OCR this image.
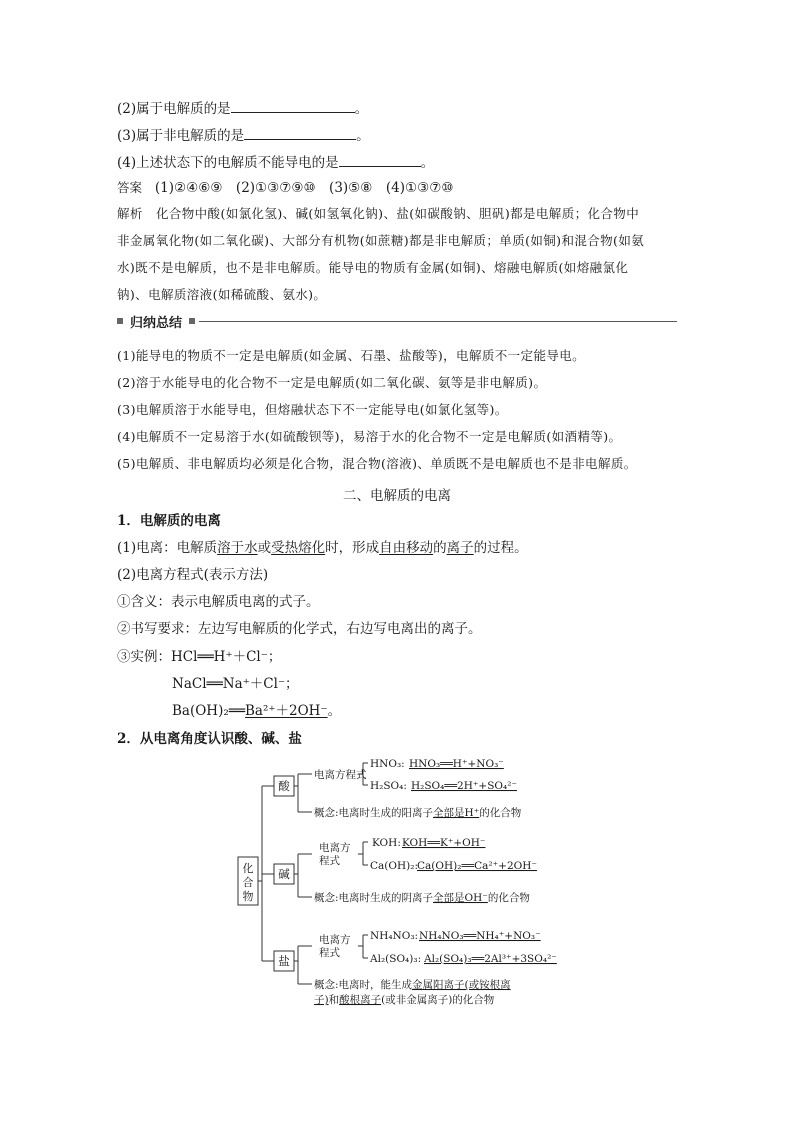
(2)属于电解质的是	。
(3)属于非电解质的是	。
(4)上述状态下的电解质不能导电的是	。
答案 (1)②④⑥⑨　(2)①③⑦⑨⑩　(3)⑤⑧　(4)①③⑦⑩
解析 化合物中酸(如氯化氢)、碱(如氢氧化钠)、盐(如碳酸钠、胆矾)都是电解质；化合物中
非金属氧化物(如二氧化碳)、大部分有机物(如蔗糖)都是非电解质；单质(如铜)和混合物(如氨
水)既不是电解质，也不是非电解质。能导电的物质有金属(如铜)、熔融电解质(如熔融氯化
钠)、电解质溶液(如稀硫酸、氨水)。
归纳总结
(1)能导电的物质不一定是电解质(如金属、石墨、盐酸等)，电解质不一定能导电。
(2)溶于水能导电的化合物不一定是电解质(如二氧化碳、氨等是非电解质)。
(3)电解质溶于水能导电，但熔融状态下不一定能导电(如氯化氢等)。
(4)电解质不一定易溶于水(如硫酸钡等)，易溶于水的化合物不一定是电解质(如酒精等)。
(5)电解质、非电解质均必须是化合物，混合物(溶液)、单质既不是电解质也不是非电解质。
二、电解质的电离
1．电解质的电离
(1)电离：电解质溶于水或受热熔化时，形成自由移动的离子的过程。
(2)电离方程式(表示方法)
①含义：表示电解质电离的式子。
②书写要求：左边写电解质的化学式，右边写电离出的离子。
③实例：HCl══H⁺＋Cl⁻；
NaCl══Na⁺＋Cl⁻；
Ba(OH)₂══Ba²⁺＋2OH⁻。
2．从电离角度认识酸、碱、盐
化
合
物
酸
碱
盐
电离方程式
HNO₃: HNO₃══H⁺+NO₃⁻
H₂SO₄: H₂SO₄══2H⁺+SO₄²⁻
概念:电离时生成的阳离子全部是H⁺的化合物
电离方
程式
KOH: KOH══K⁺+OH⁻
Ca(OH)₂: Ca(OH)₂══Ca²⁺+2OH⁻
概念:电离时生成的阴离子全部是OH⁻的化合物
电离方
程式
NH₄NO₃: NH₄NO₃══NH₄⁺+NO₃⁻
Al₂(SO₄)₃: Al₂(SO₄)₃══2Al³⁺+3SO₄²⁻
概念:电离时，能生成金属阳离子(或铵根离
子)和酸根离子(或非金属离子)的化合物
